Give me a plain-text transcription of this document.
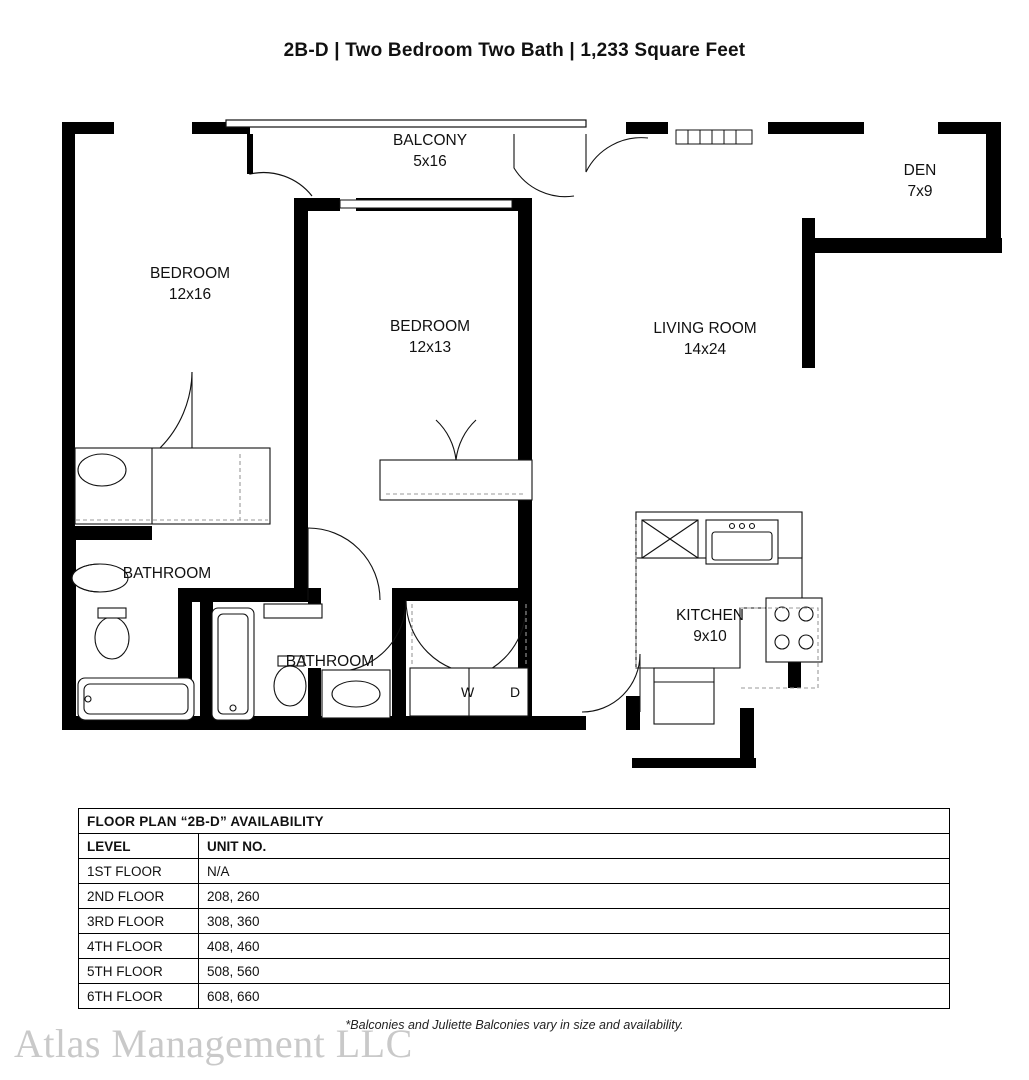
2B-D | Two Bedroom Two Bath | 1,233 Square Feet
BALCONY
5x16
DEN
7x9
BEDROOM
12x16
BEDROOM
12x13
LIVING ROOM
14x24
BATHROOM
BATHROOM
KITCHEN
9x10
W	D
FLOOR PLAN “2B-D” AVAILABILITY	
LEVEL	UNIT NO.
1ST FLOOR	N/A
2ND FLOOR	208, 260
3RD FLOOR	308, 360
4TH FLOOR	408, 460
5TH FLOOR	508, 560
6TH FLOOR	608, 660
*Balconies and Juliette Balconies vary in size and availability.
Atlas Management LLC
